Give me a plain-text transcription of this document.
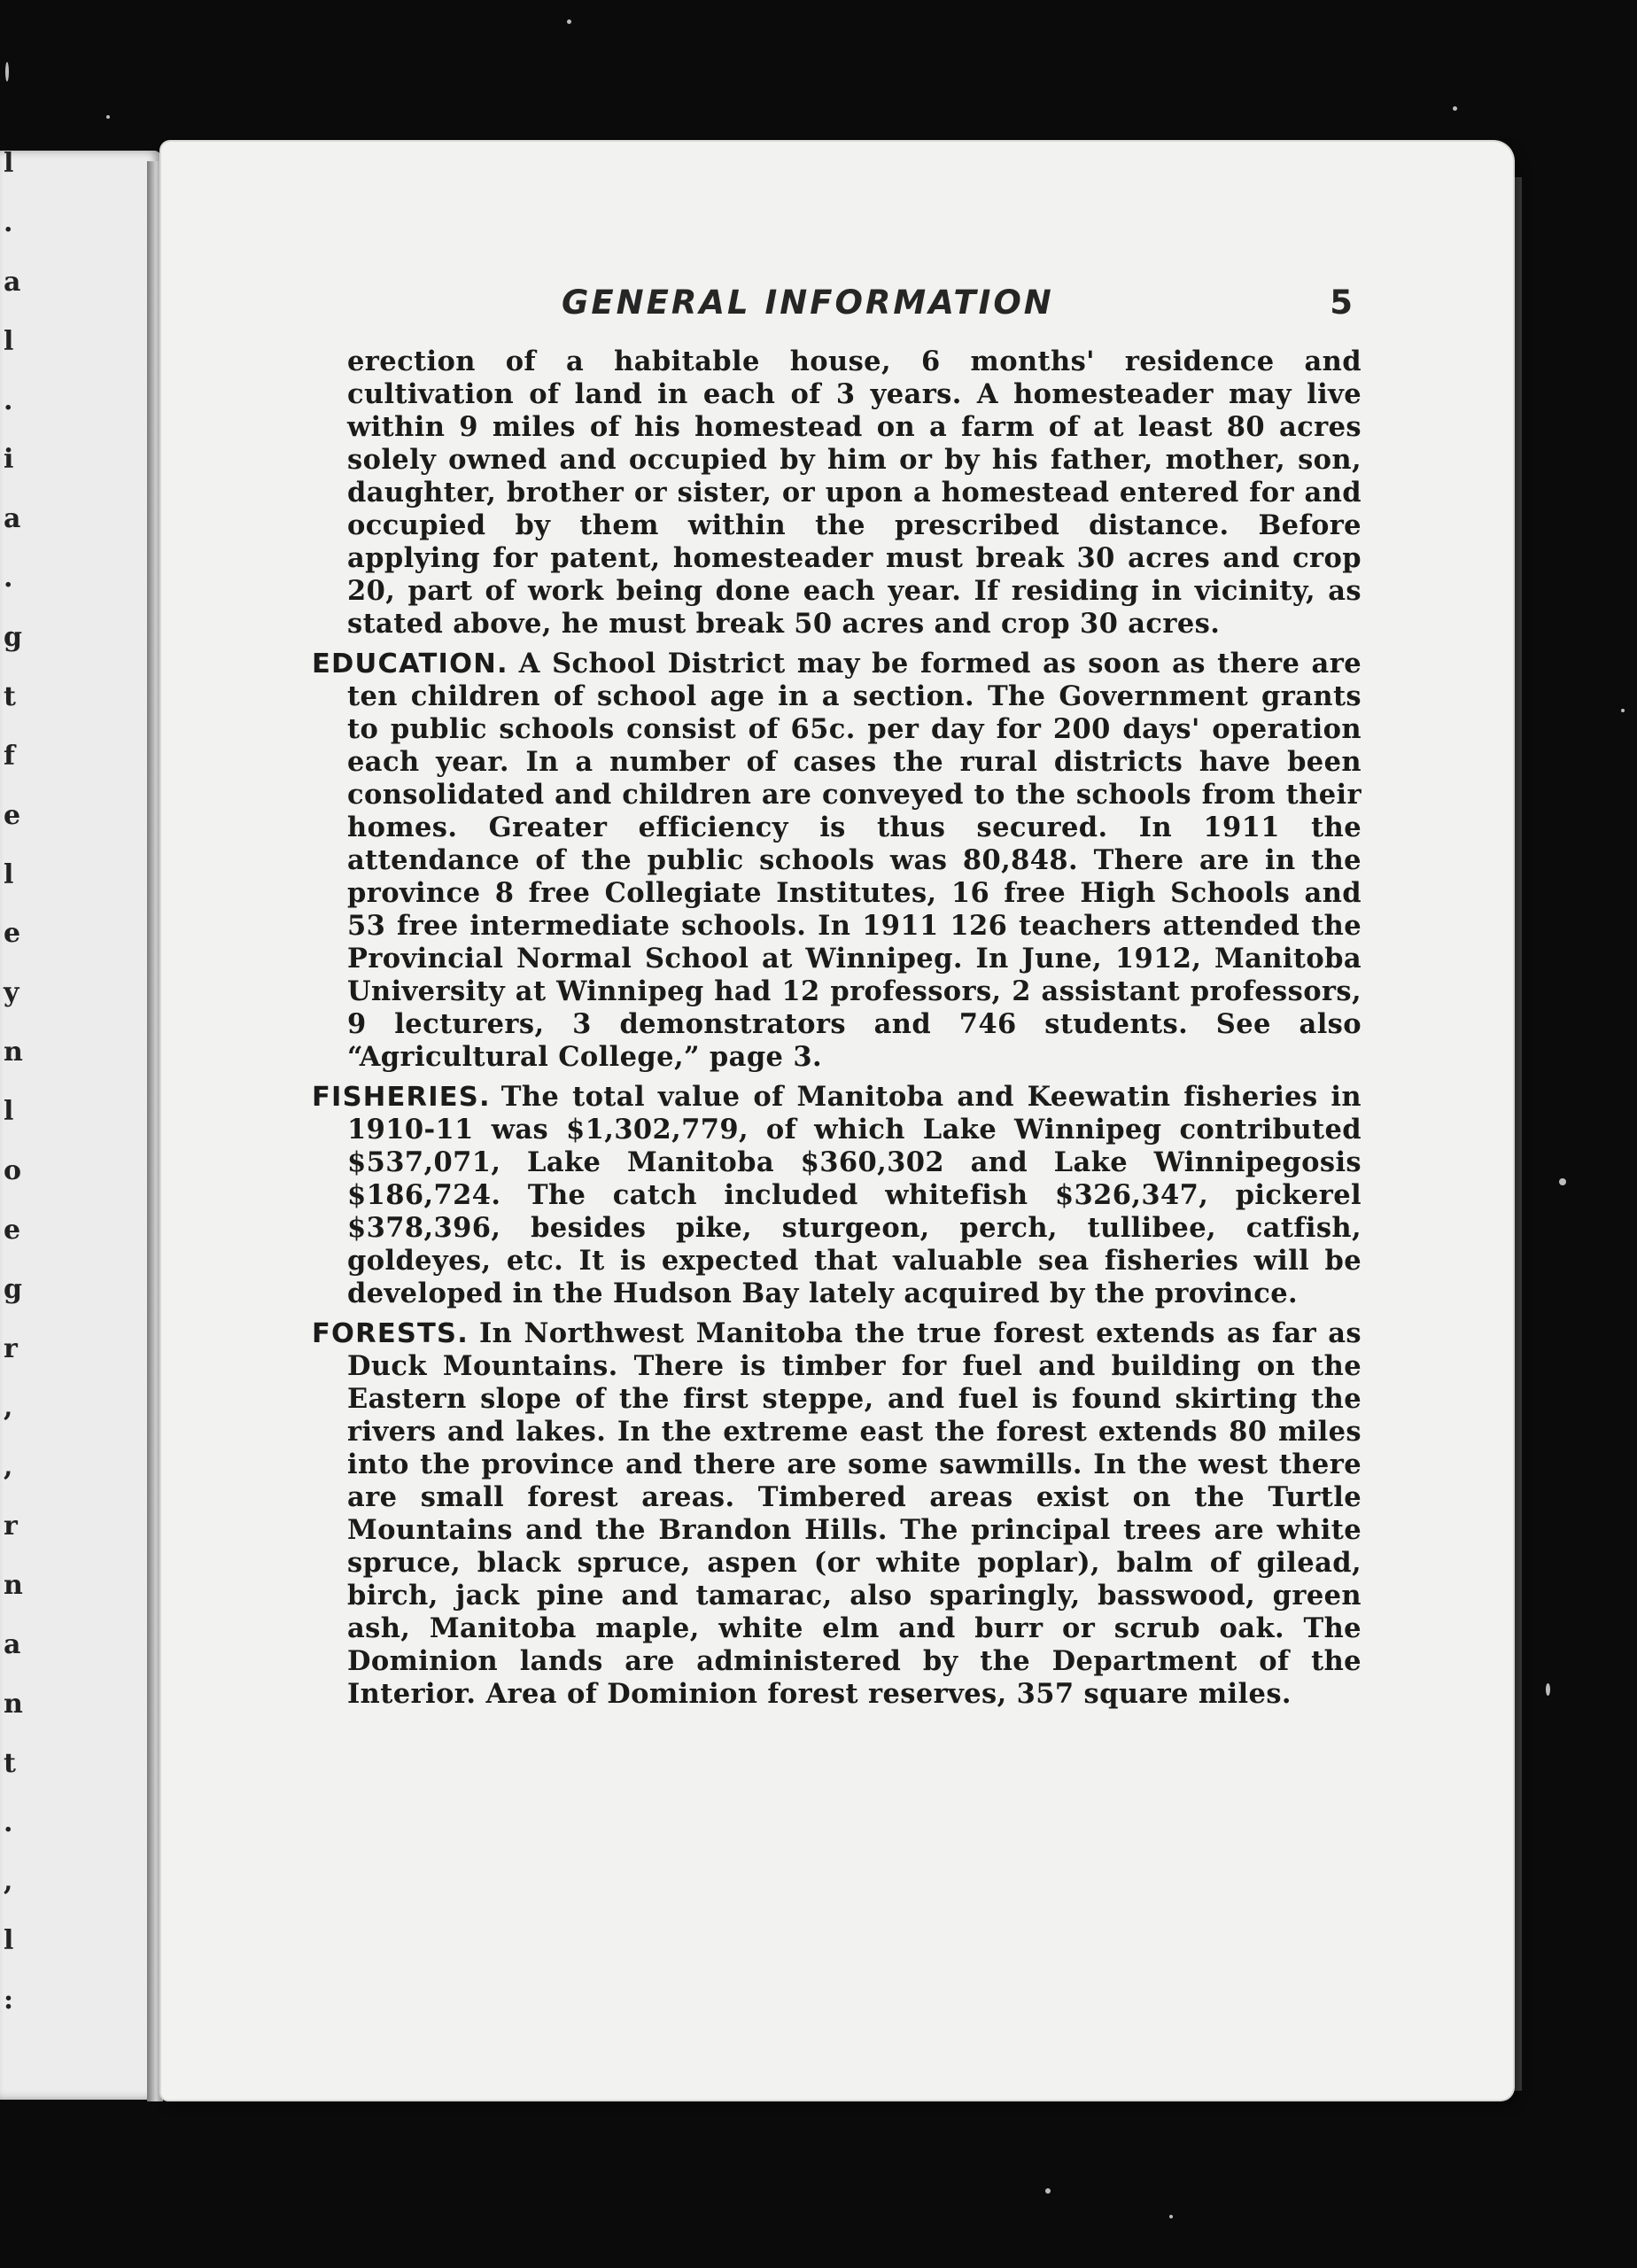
l
.
a
l
.
i
a
.
g
t
f
e
l
e
y
n
l
o
e
g
r
,
,
r
n
a
n
t
.
,
l
:
GENERAL INFORMATION	5

erection of a habitable house, 6 months' residence and cultivation of land in each of 3 years. A homesteader may live within 9 miles of his homestead on a farm of at least 80 acres solely owned and occupied by him or by his father, mother, son, daughter, brother or sister, or upon a homestead entered for and occupied by them within the prescribed distance. Before applying for patent, homesteader must break 30 acres and crop 20, part of work being done each year. If residing in vicinity, as stated above, he must break 50 acres and crop 30 acres.

EDUCATION. A School District may be formed as soon as there are ten children of school age in a section. The Government grants to public schools consist of 65c. per day for 200 days' operation each year. In a number of cases the rural districts have been consolidated and children are conveyed to the schools from their homes. Greater efficiency is thus secured. In 1911 the attendance of the public schools was 80,848. There are in the province 8 free Collegiate Institutes, 16 free High Schools and 53 free intermediate schools. In 1911 126 teachers attended the Provincial Normal School at Winnipeg. In June, 1912, Manitoba University at Winnipeg had 12 professors, 2 assistant professors, 9 lecturers, 3 demonstrators and 746 students. See also “Agricultural College,” page 3.

FISHERIES. The total value of Manitoba and Keewatin fisheries in 1910-11 was $1,302,779, of which Lake Winnipeg contributed $537,071, Lake Manitoba $360,302 and Lake Winnipegosis $186,724. The catch included whitefish $326,347, pickerel $378,396, besides pike, sturgeon, perch, tullibee, catfish, goldeyes, etc. It is expected that valuable sea fisheries will be developed in the Hudson Bay lately acquired by the province.

FORESTS. In Northwest Manitoba the true forest extends as far as Duck Mountains. There is timber for fuel and building on the Eastern slope of the first steppe, and fuel is found skirting the rivers and lakes. In the extreme east the forest extends 80 miles into the province and there are some sawmills. In the west there are small forest areas. Timbered areas exist on the Turtle Mountains and the Brandon Hills. The principal trees are white spruce, black spruce, aspen (or white poplar), balm of gilead, birch, jack pine and tamarac, also sparingly, basswood, green ash, Manitoba maple, white elm and burr or scrub oak. The Dominion lands are administered by the Department of the Interior. Area of Dominion forest reserves, 357 square miles.
